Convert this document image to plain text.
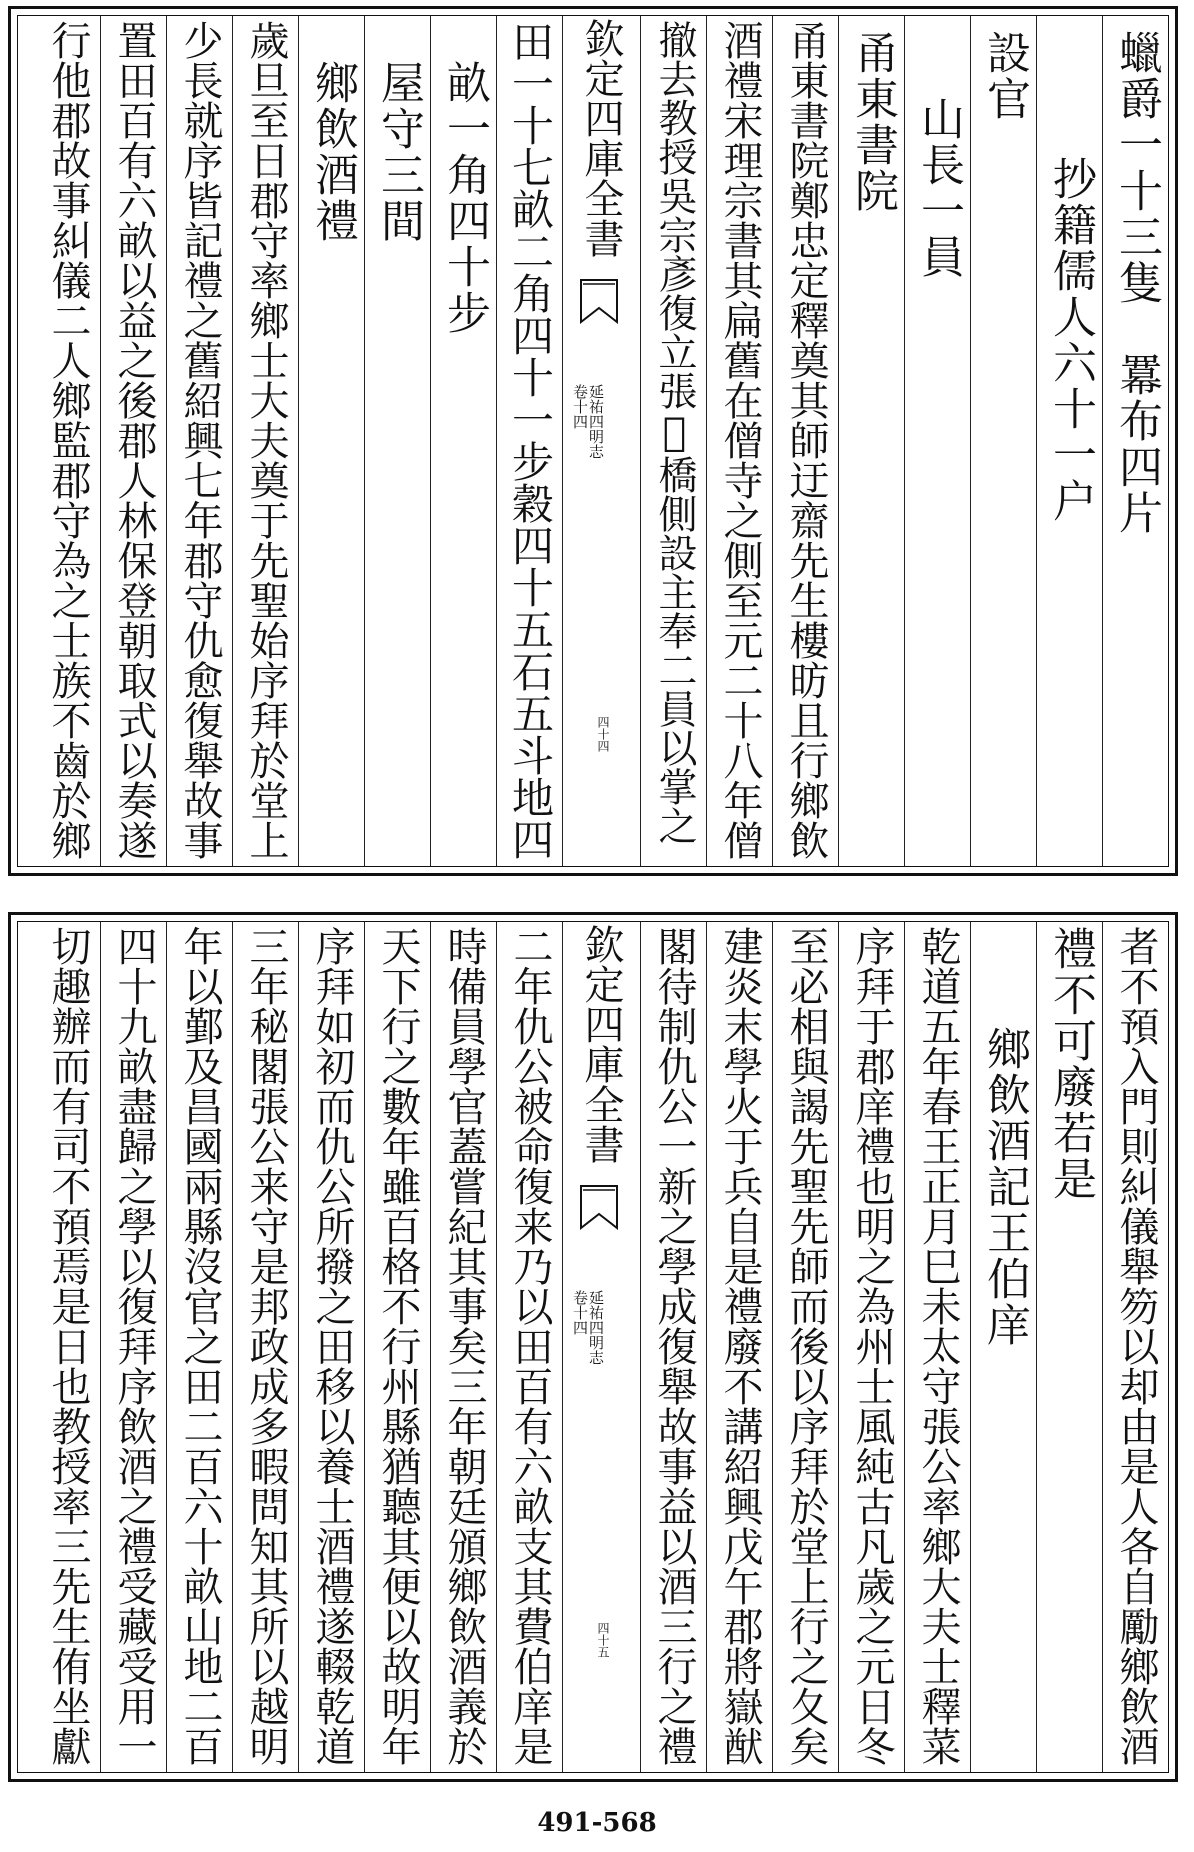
蠟爵一十三隻　羃布四片
抄籍儒人六十一户
設官
山長一員
甬東書院
甬東書院鄭忠定釋奠其師迂齋先生樓昉且行鄉飲
酒禮宋理宗書其扁舊在僧寺之側至元二十八年僧
撤去教授吳宗彥復立張𬞚橋側設主奉二員以掌之
欽定四庫全書
延祐四明志
卷十四
四十四
田一十七畝二角四十一步穀四十五石五斗地四
畝一角四十步
屋守三間
鄉飲酒禮
歲旦至日郡守率鄉士大夫奠于先聖始序拜於堂上
少長就序皆記禮之舊紹興七年郡守仇愈復舉故事
置田百有六畝以益之後郡人林保登朝取式以奏遂
行他郡故事糾儀二人鄉監郡守為之士族不齒於鄉
者不預入門則糾儀舉笏以却由是人各自勵鄉飲酒
禮不可廢若是
鄉飲酒記王伯庠
乾道五年春王正月巳未太守張公率鄉大夫士釋菜
序拜于郡庠禮也明之為州士風純古凡歲之元日冬
至必相與謁先聖先師而後以序拜於堂上行之夂矣
建炎末學火于兵自是禮廢不講紹興戊午郡將嶽猷
閣待制仇公一新之學成復舉故事益以酒三行之禮
欽定四庫全書
延祐四明志
卷十四
四十五
二年仇公被命復来乃以田百有六畝支其費伯庠是
時備員學官蓋嘗紀其事矣三年朝廷頒鄉飲酒義於
天下行之數年雖百格不行州縣猶聽其便以故明年
序拜如初而仇公所撥之田移以養士酒禮遂輟乾道
三年秘閣張公来守是邦政成多暇問知其所以越明
年以鄞及昌國兩縣沒官之田二百六十畝山地二百
四十九畝盡歸之學以復拜序飲酒之禮受藏受用一
切趣辦而有司不預焉是日也教授率三先生侑坐獻
491-568
